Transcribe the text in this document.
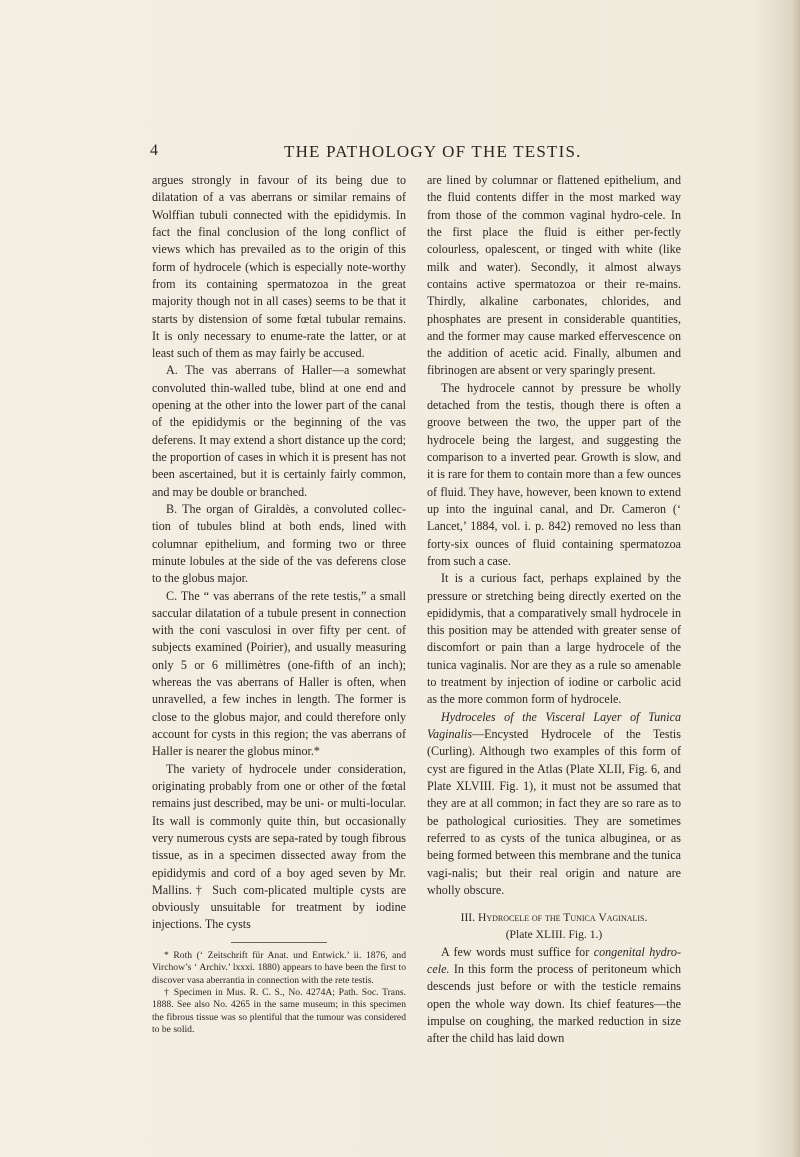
4	THE PATHOLOGY OF THE TESTIS.

argues strongly in favour of its being due to dilatation of a vas aberrans or similar remains of Wolffian tubuli connected with the epididymis. In fact the final conclusion of the long conflict of views which has prevailed as to the origin of this form of hydrocele (which is especially note-worthy from its containing spermatozoa in the great majority though not in all cases) seems to be that it starts by distension of some fœtal tubular remains. It is only necessary to enume-rate the latter, or at least such of them as may fairly be accused.

A. The vas aberrans of Haller—a somewhat convoluted thin-walled tube, blind at one end and opening at the other into the lower part of the canal of the epididymis or the beginning of the vas deferens. It may extend a short distance up the cord; the proportion of cases in which it is present has not been ascertained, but it is certainly fairly common, and may be double or branched.

B. The organ of Giraldès, a convoluted collec-tion of tubules blind at both ends, lined with columnar epithelium, and forming two or three minute lobules at the side of the vas deferens close to the globus major.

C. The “ vas aberrans of the rete testis,” a small saccular dilatation of a tubule present in connection with the coni vasculosi in over fifty per cent. of subjects examined (Poirier), and usually measuring only 5 or 6 millimètres (one-fifth of an inch); whereas the vas aberrans of Haller is often, when unravelled, a few inches in length. The former is close to the globus major, and could therefore only account for cysts in this region; the vas aberrans of Haller is nearer the globus minor.*

The variety of hydrocele under consideration, originating probably from one or other of the fœtal remains just described, may be uni- or multi-locular. Its wall is commonly quite thin, but occasionally very numerous cysts are sepa-rated by tough fibrous tissue, as in a specimen dissected away from the epididymis and cord of a boy aged seven by Mr. Mallins.† Such com-plicated multiple cysts are obviously unsuitable for treatment by iodine injections. The cysts

* Roth (‘ Zeitschrift für Anat. und Entwick.’ ii. 1876, and Virchow’s ‘ Archiv.’ lxxxi. 1880) appears to have been the first to discover vasa aberrantia in connection with the rete testis.

† Specimen in Mus. R. C. S., No. 4274A; Path. Soc. Trans. 1888. See also No. 4265 in the same museum; in this specimen the fibrous tissue was so plentiful that the tumour was considered to be solid.

are lined by columnar or flattened epithelium, and the fluid contents differ in the most marked way from those of the common vaginal hydro-cele. In the first place the fluid is either per-fectly colourless, opalescent, or tinged with white (like milk and water). Secondly, it almost always contains active spermatozoa or their re-mains. Thirdly, alkaline carbonates, chlorides, and phosphates are present in considerable quantities, and the former may cause marked effervescence on the addition of acetic acid. Finally, albumen and fibrinogen are absent or very sparingly present.

The hydrocele cannot by pressure be wholly detached from the testis, though there is often a groove between the two, the upper part of the hydrocele being the largest, and suggesting the comparison to a inverted pear. Growth is slow, and it is rare for them to contain more than a few ounces of fluid. They have, however, been known to extend up into the inguinal canal, and Dr. Cameron (‘ Lancet,’ 1884, vol. i. p. 842) removed no less than forty-six ounces of fluid containing spermatozoa from such a case.

It is a curious fact, perhaps explained by the pressure or stretching being directly exerted on the epididymis, that a comparatively small hydrocele in this position may be attended with greater sense of discomfort or pain than a large hydrocele of the tunica vaginalis. Nor are they as a rule so amenable to treatment by injection of iodine or carbolic acid as the more common form of hydrocele.

Hydroceles of the Visceral Layer of Tunica Vaginalis—Encysted Hydrocele of the Testis (Curling). Although two examples of this form of cyst are figured in the Atlas (Plate XLII, Fig. 6, and Plate XLVIII. Fig. 1), it must not be assumed that they are at all common; in fact they are so rare as to be pathological curiosities. They are sometimes referred to as cysts of the tunica albuginea, or as being formed between this membrane and the tunica vagi-nalis; but their real origin and nature are wholly obscure.

III. Hydrocele of the Tunica Vaginalis.

(Plate XLIII. Fig. 1.)

A few words must suffice for congenital hydro-cele. In this form the process of peritoneum which descends just before or with the testicle remains open the whole way down. Its chief features—the impulse on coughing, the marked reduction in size after the child has laid down
